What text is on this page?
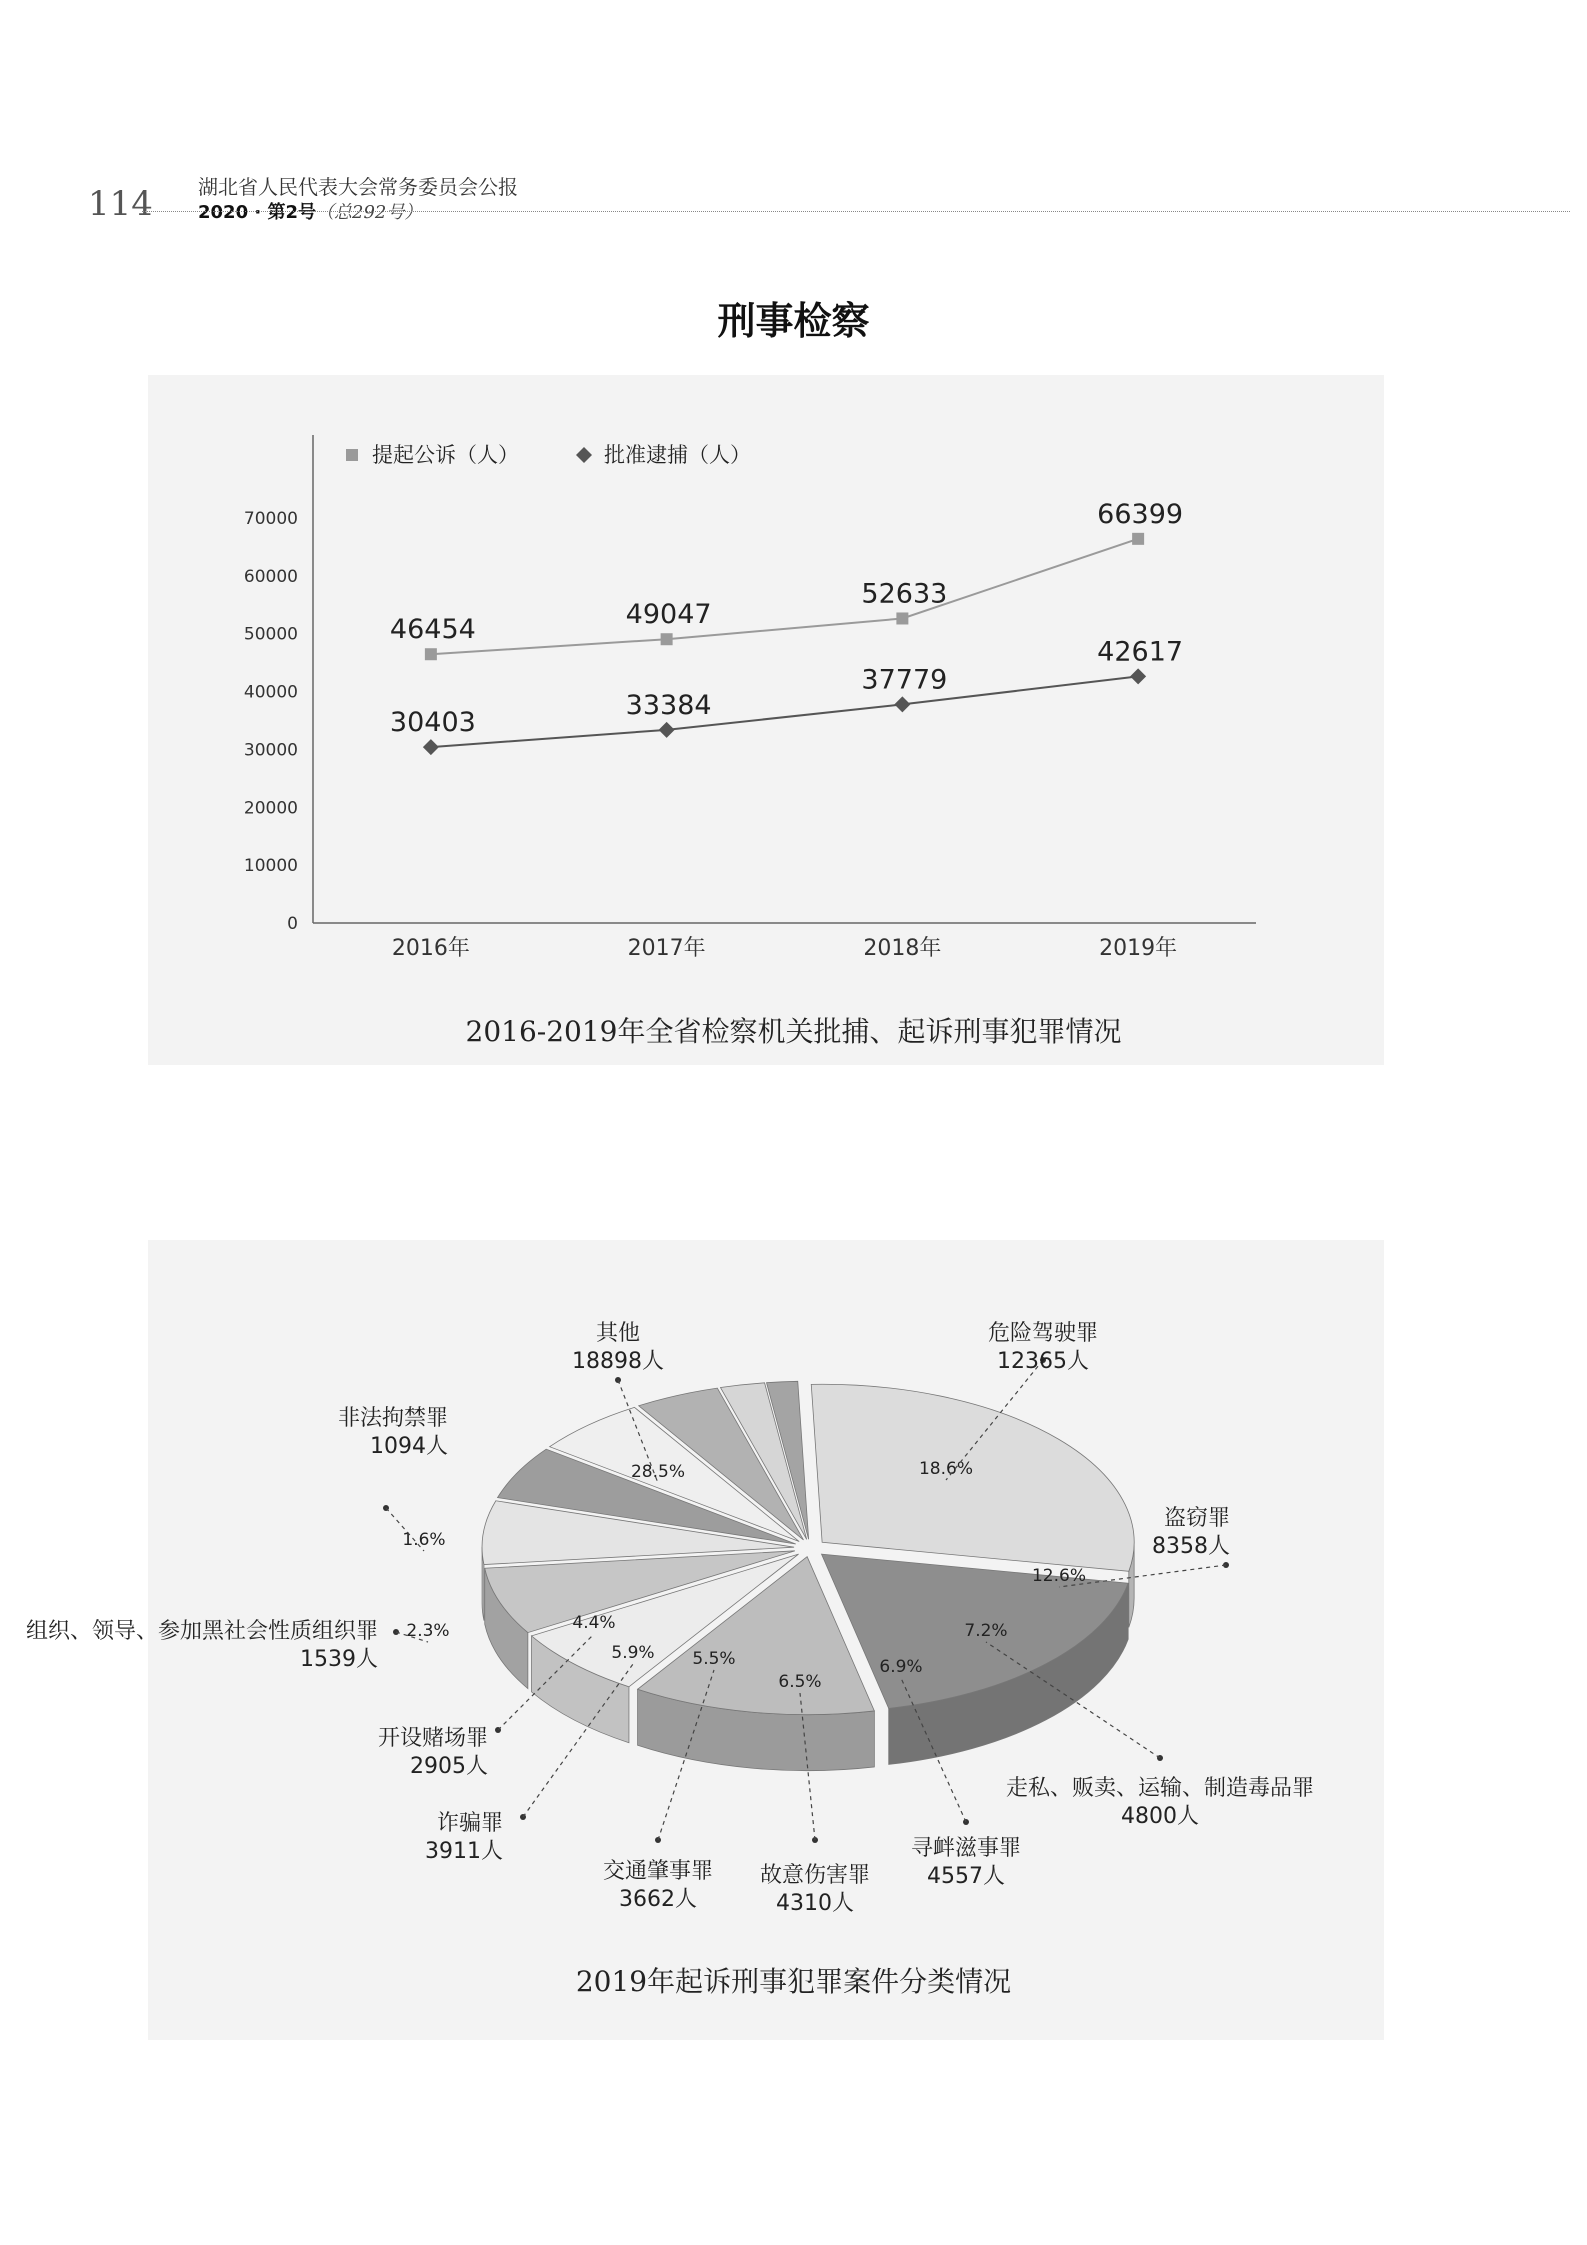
114 湖北省人民代表大会常务委员会公报
2020 · 第2号（总292号）
刑事检察
0
10000
20000
30000
40000
50000
60000
70000
2016年	2017年	2018年	2019年
提起公诉（人）
46454	49047
52633
66399
批准逮捕（人）
30403
33384
37779
42617
2016-2019年全省检察机关批捕、起诉刑事犯罪情况
28.5%
其他 18898人
18.6%
危险驾驶罪 12365人
12.6%
盗窃罪 8358人
7.2%
走私、贩卖、运输、制造毒品罪 4800人
6.9%
寻衅滋事罪 4557人
6.5%
故意伤害罪 4310人
5.5%
交通肇事罪 3662人
5.9%
诈骗罪 3911人
4.4%
开设赌场罪 2905人
2.3%
组织、领导、参加黑社会性质组织罪 1539人
1.6%
非法拘禁罪 1094人
2019年起诉刑事犯罪案件分类情况
